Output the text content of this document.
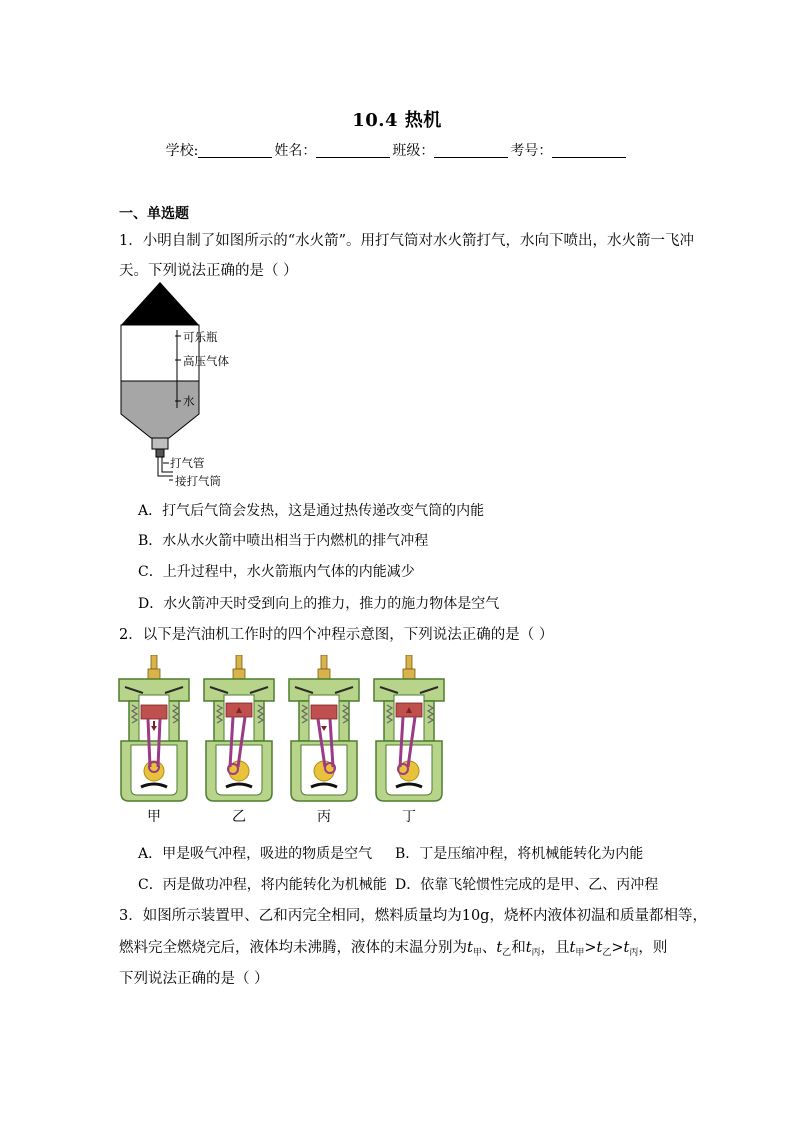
10.4 热机
学校:	姓名：	班级：	考号：
一、单选题
1．小明自制了如图所示的“水火箭”。用打气筒对水火箭打气，水向下喷出，水火箭一飞冲
天。下列说法正确的是（ ）
可乐瓶
高压气体
水
打气管
接打气筒
A．打气后气筒会发热，这是通过热传递改变气筒的内能
B．水从水火箭中喷出相当于内燃机的排气冲程
C．上升过程中，水火箭瓶内气体的内能减少
D．水火箭冲天时受到向上的推力，推力的施力物体是空气
2．以下是汽油机工作时的四个冲程示意图，下列说法正确的是（ ）
甲	乙	丙	丁
A．甲是吸气冲程，吸进的物质是空气 B．丁是压缩冲程，将机械能转化为内能
C．丙是做功冲程，将内能转化为机械能 D．依靠飞轮惯性完成的是甲、乙、丙冲程
3．如图所示装置甲、乙和丙完全相同，燃料质量均为10g，烧杯内液体初温和质量都相等，
燃料完全燃烧完后，液体均未沸腾，液体的末温分别为$t_甲$、$t_乙$和$t_丙$，且$t_甲>t_乙>t_丙$，则
下列说法正确的是（ ）
